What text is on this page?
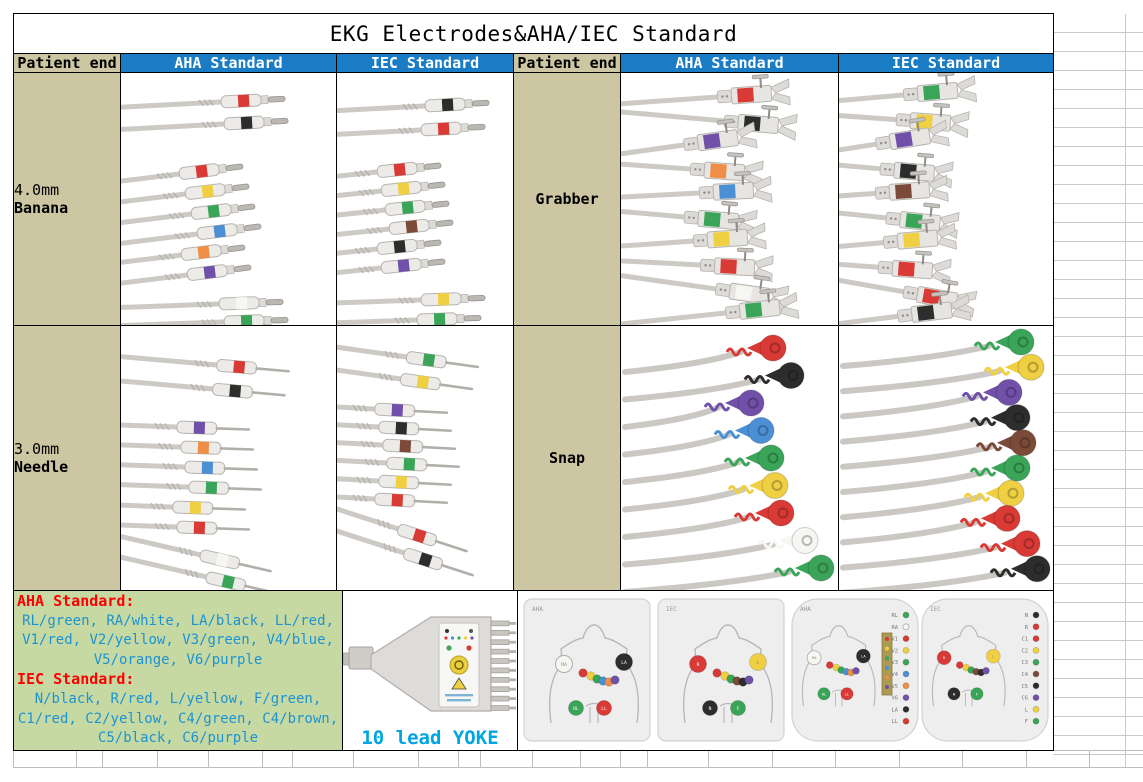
EKG Electrodes&AHA/IEC Standard
Patient end	AHA Standard	IEC Standard	Patient end	AHA Standard	IEC Standard
4.0mm Banana	Grabber
3.0mm Needle	Snap
AHA Standard:
RL/green, RA/white, LA/black, LL/red,
V1/red, V2/yellow, V3/green, V4/blue,
V5/orange, V6/purple
IEC Standard:
N/black, R/red, L/yellow, F/green,
C1/red, C2/yellow, C4/green, C4/brown,
C5/black, C6/purple	10 lead YOKE
AHA
RA	LA
RL	LL
IEC
R	L
N	F
AHA
RA	LA
RL	LL
RL
RA
V1
V2
V3
V4
V5
V6
LA
LL
IEC
R	L
N	F
N
R
C1
C2
C3
C4
C5
C6
L
F
